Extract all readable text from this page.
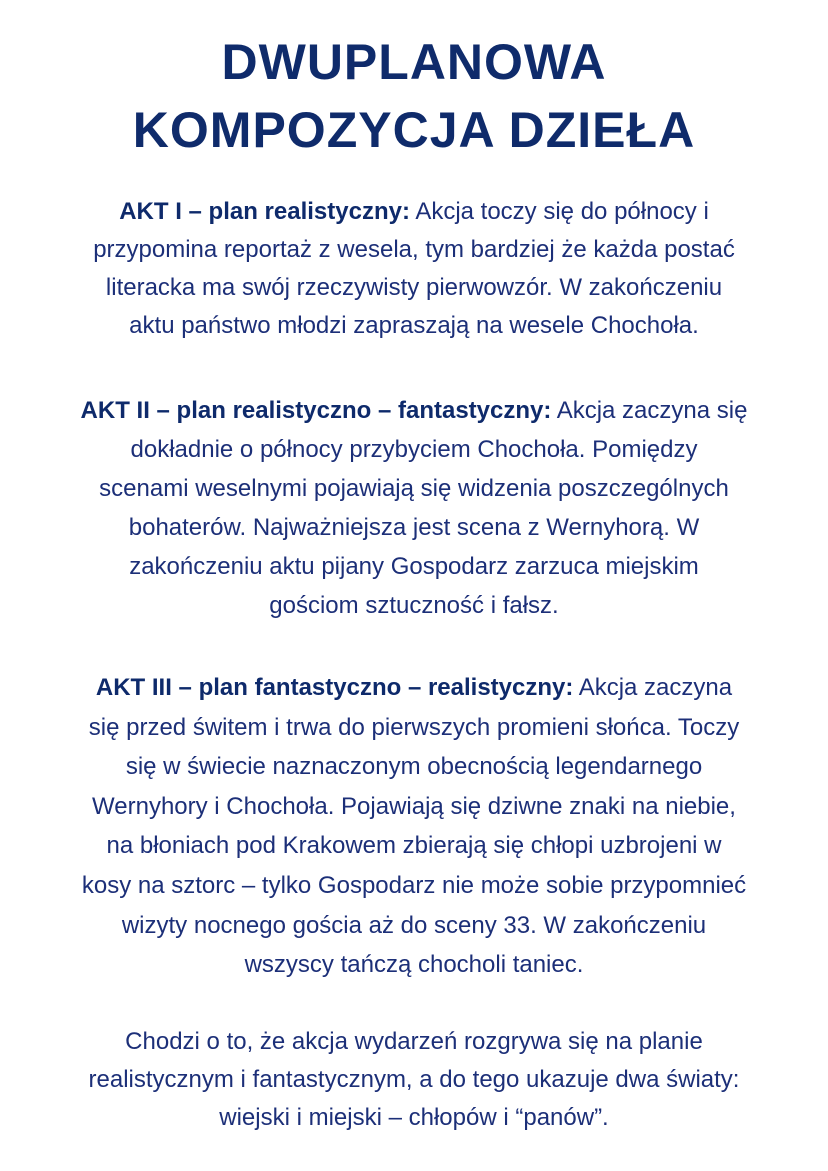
DWUPLANOWA
KOMPOZYCJA DZIEŁA
AKT I – plan realistyczny: Akcja toczy się do północy i
przypomina reportaż z wesela, tym bardziej że każda postać
literacka ma swój rzeczywisty pierwowzór. W zakończeniu
aktu państwo młodzi zapraszają na wesele Chochoła.
AKT II – plan realistyczno – fantastyczny: Akcja zaczyna się
dokładnie o północy przybyciem Chochoła. Pomiędzy
scenami weselnymi pojawiają się widzenia poszczególnych
bohaterów. Najważniejsza jest scena z Wernyhorą. W
zakończeniu aktu pijany Gospodarz zarzuca miejskim
gościom sztuczność i fałsz.
AKT III – plan fantastyczno – realistyczny: Akcja zaczyna
się przed świtem i trwa do pierwszych promieni słońca. Toczy
się w świecie naznaczonym obecnością legendarnego
Wernyhory i Chochoła. Pojawiają się dziwne znaki na niebie,
na błoniach pod Krakowem zbierają się chłopi uzbrojeni w
kosy na sztorc – tylko Gospodarz nie może sobie przypomnieć
wizyty nocnego gościa aż do sceny 33. W zakończeniu
wszyscy tańczą chocholi taniec.
Chodzi o to, że akcja wydarzeń rozgrywa się na planie
realistycznym i fantastycznym, a do tego ukazuje dwa światy:
wiejski i miejski – chłopów i “panów”.
